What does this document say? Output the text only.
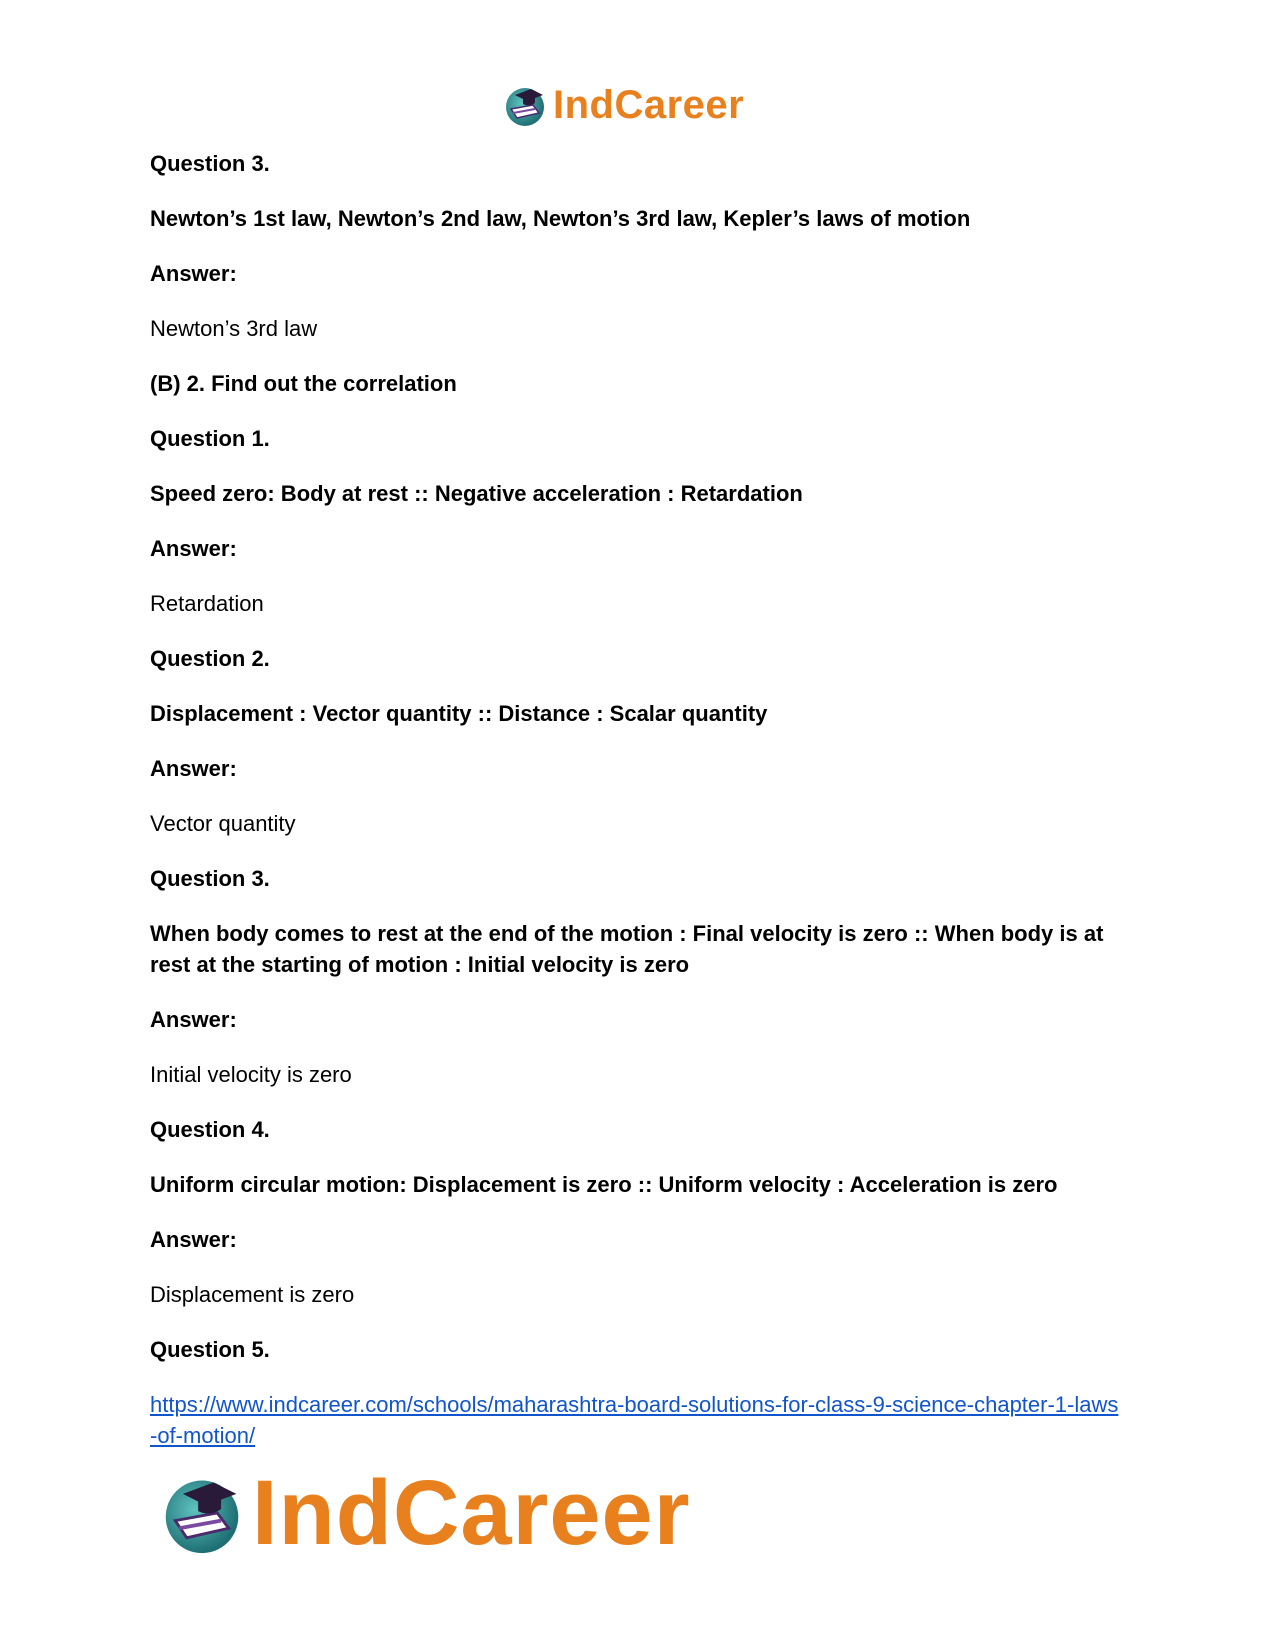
IndCareer

Question 3.

Newton’s 1st law, Newton’s 2nd law, Newton’s 3rd law, Kepler’s laws of motion

Answer:

Newton’s 3rd law

(B) 2. Find out the correlation

Question 1.

Speed zero: Body at rest :: Negative acceleration : Retardation

Answer:

Retardation

Question 2.

Displacement : Vector quantity :: Distance : Scalar quantity

Answer:

Vector quantity

Question 3.

When body comes to rest at the end of the motion : Final velocity is zero :: When body is at rest at the starting of motion : Initial velocity is zero

Answer:

Initial velocity is zero

Question 4.

Uniform circular motion: Displacement is zero :: Uniform velocity : Acceleration is zero

Answer:

Displacement is zero

Question 5.

https://www.indcareer.com/schools/maharashtra-board-solutions-for-class-9-science-chapter-1-laws-of-motion/
IndCareer
